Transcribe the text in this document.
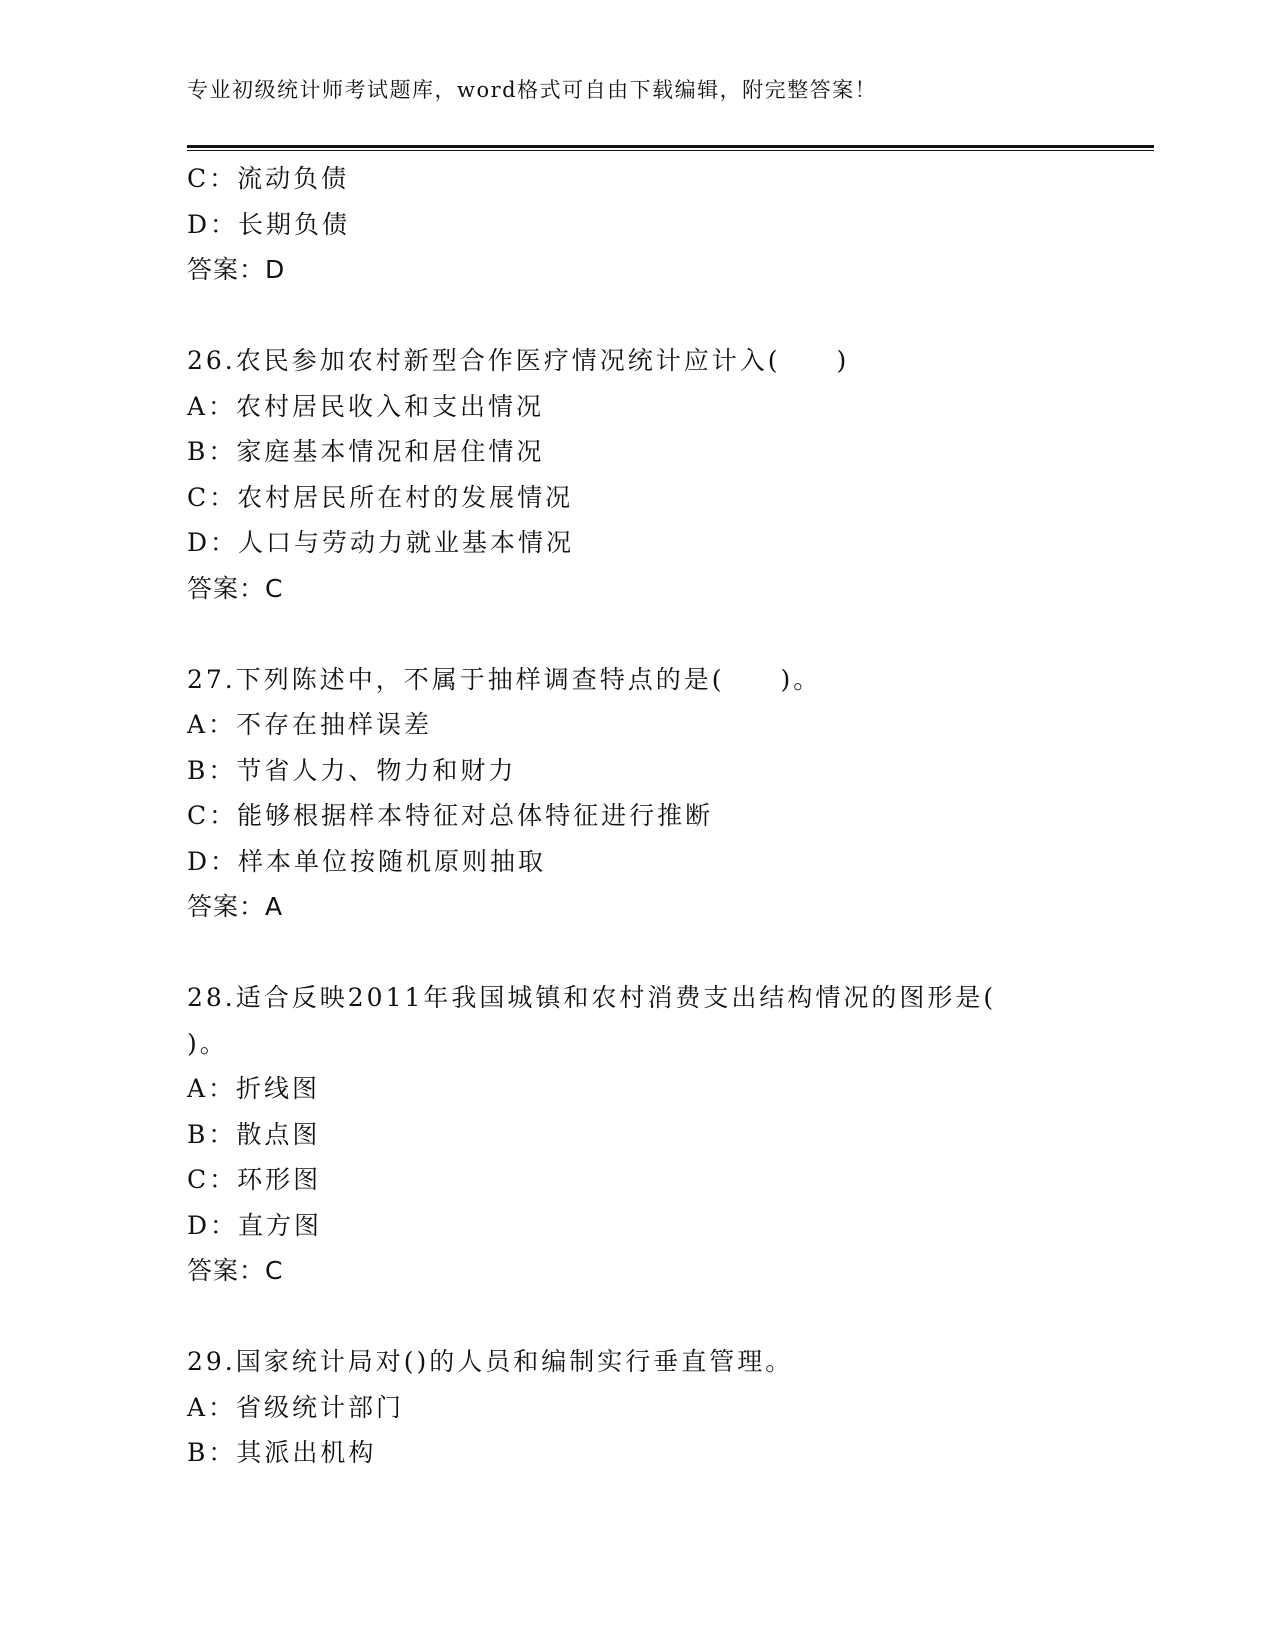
专业初级统计师考试题库，word格式可自由下载编辑，附完整答案！
C：流动负债
D：长期负债
答案：D
26.农民参加农村新型合作医疗情况统计应计入(　　)
A：农村居民收入和支出情况
B：家庭基本情况和居住情况
C：农村居民所在村的发展情况
D：人口与劳动力就业基本情况
答案：C
27.下列陈述中，不属于抽样调查特点的是(　　)。
A：不存在抽样误差
B：节省人力、物力和财力
C：能够根据样本特征对总体特征进行推断
D：样本单位按随机原则抽取
答案：A
28.适合反映2011年我国城镇和农村消费支出结构情况的图形是(
)。
A：折线图
B：散点图
C：环形图
D：直方图
答案：C
29.国家统计局对()的人员和编制实行垂直管理。
A：省级统计部门
B：其派出机构
